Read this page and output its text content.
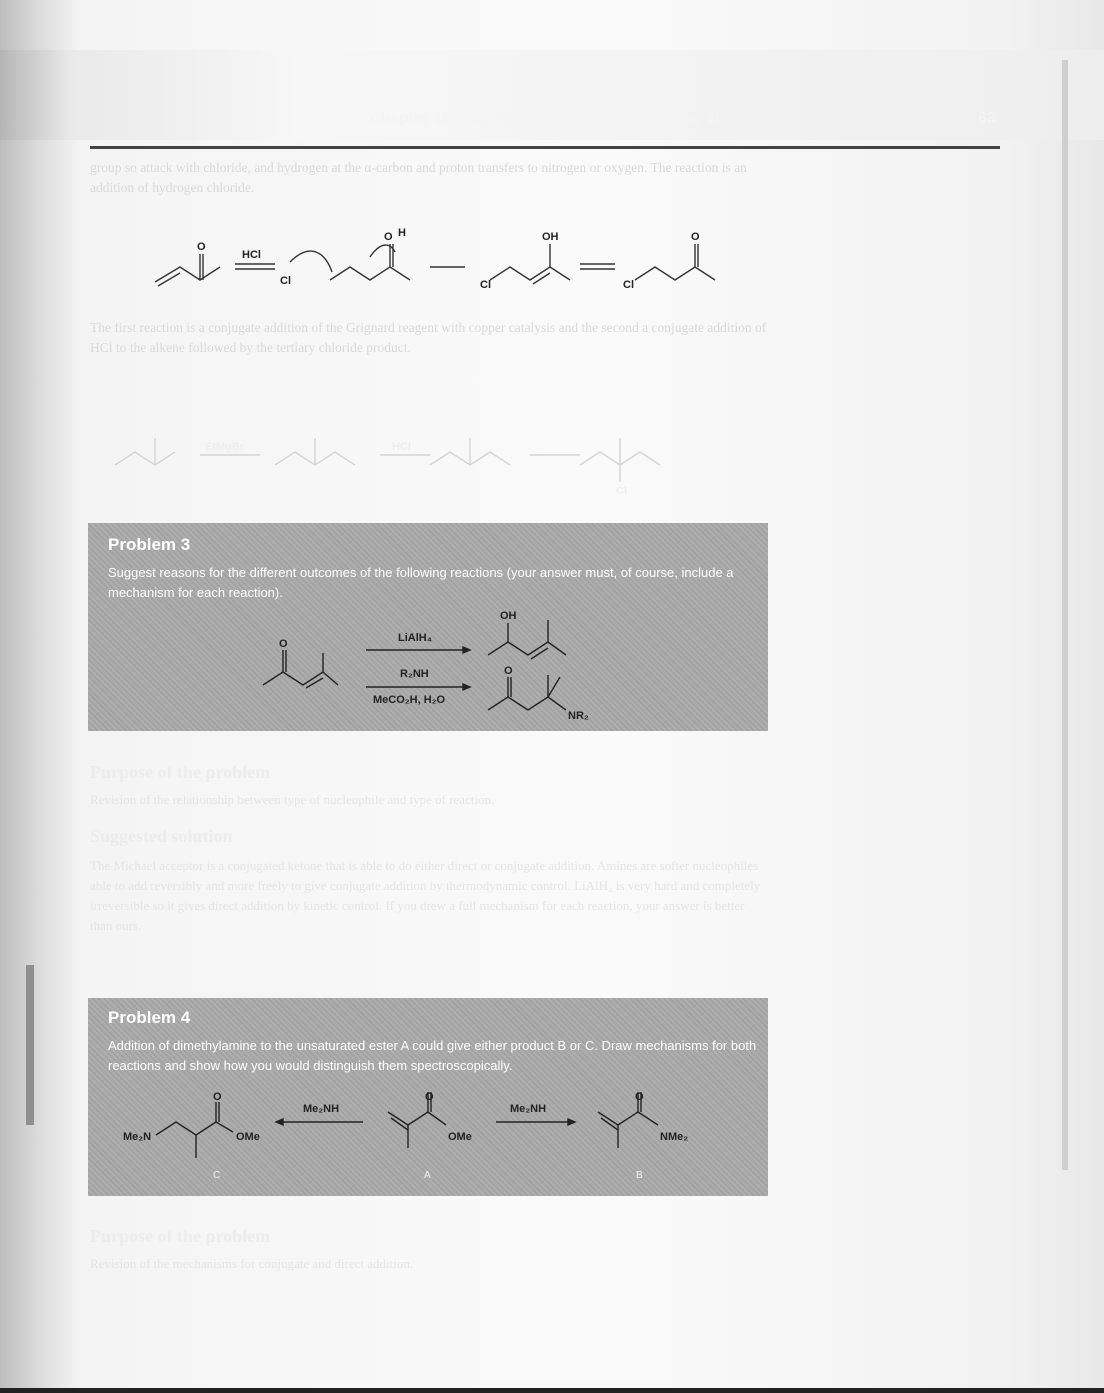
Chapter 10: Suggested solutions for Chapter 10	63
group so attack with chloride, and hydrogen at the α-carbon and proton transfers to nitrogen or oxygen. The reaction is an addition of hydrogen chloride.
O
HCl
Cl
O H	OH
Cl
O
Cl
The first reaction is a conjugate addition of the Grignard reagent with copper catalysis and the second a conjugate addition of HCl to the alkene followed by the tertiary chloride product.
EtMgBr	HCl
Cl
Problem 3
Suggest reasons for the different outcomes of the following reactions (your answer must, of course, include a mechanism for each reaction).
O	LiAlH₄
R₂NH
MeCO₂H, H₂O
OH
O
NR₂
Purpose of the problem
Revision of the relationship between type of nucleophile and type of reaction.
Suggested solution
The Michael acceptor is a conjugated ketone that is able to do either direct or conjugate addition. Amines are softer nucleophiles able to add reversibly and more freely to give conjugate addition by thermodynamic control. LiAlH₄ is very hard and completely irreversible so it gives direct addition by kinetic control. If you drew a full mechanism for each reaction, your answer is better than ours.
Problem 4
Addition of dimethylamine to the unsaturated ester A could give either product B or C. Draw mechanisms for both reactions and show how you would distinguish them spectroscopically.
O
Me₂N	OMe
Me₂NH
O
OMe
Me₂NH
O
NMe₂
C	A	B
Purpose of the problem
Revision of the mechanisms for conjugate and direct addition.
